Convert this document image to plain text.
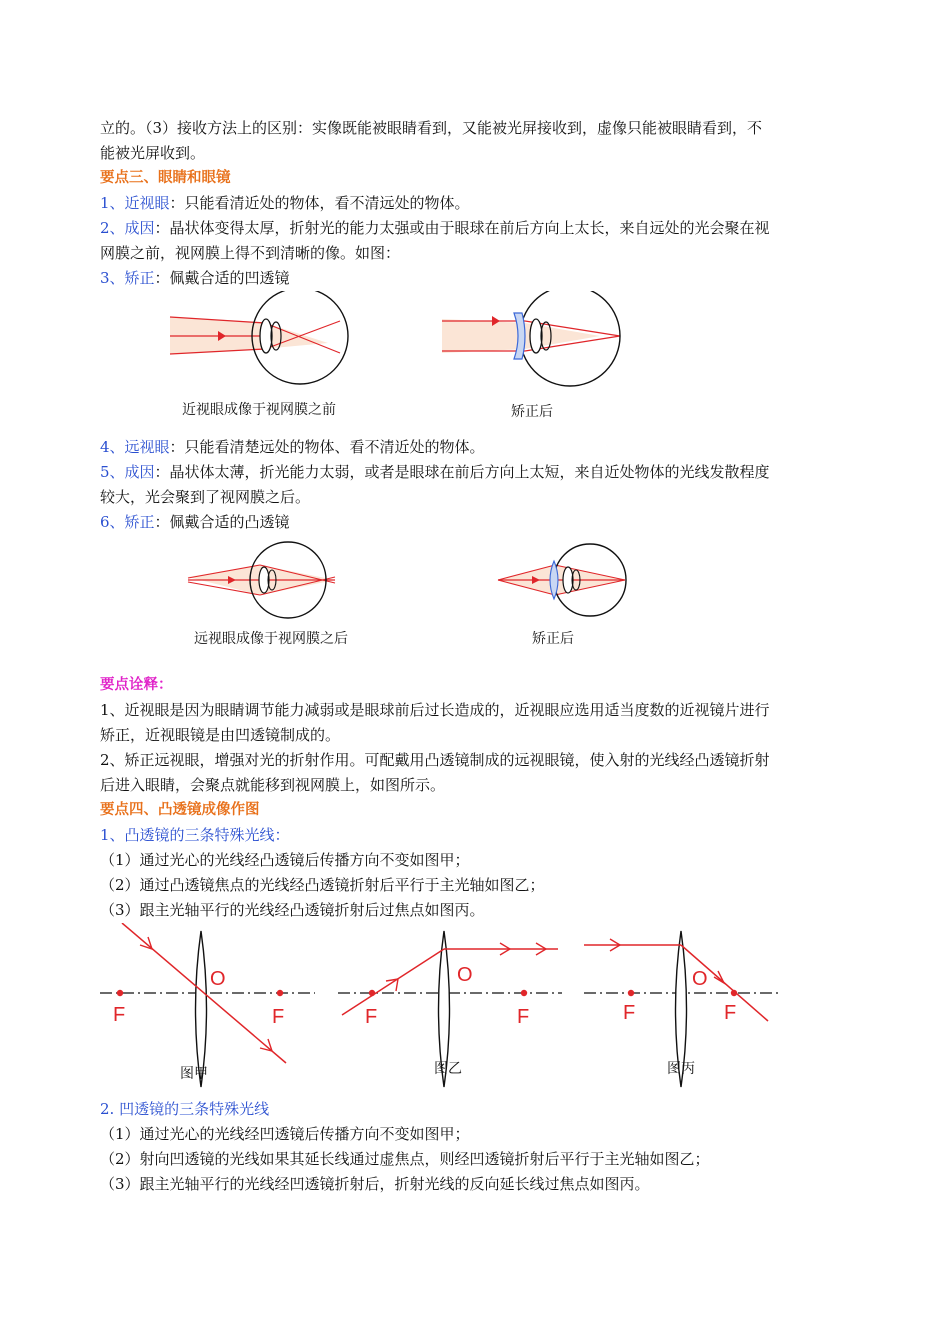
立的。（3）接收方法上的区别：实像既能被眼睛看到，又能被光屏接收到，虚像只能被眼睛看到，不

能被光屏收到。

要点三、眼睛和眼镜

1、近视眼：只能看清近处的物体，看不清远处的物体。

2、成因：晶状体变得太厚，折射光的能力太强或由于眼球在前后方向上太长，来自远处的光会聚在视

网膜之前，视网膜上得不到清晰的像。如图：

3、矫正：佩戴合适的凹透镜

近视眼成像于视网膜之前	矫正后

4、远视眼：只能看清楚远处的物体、看不清近处的物体。

5、成因：晶状体太薄，折光能力太弱，或者是眼球在前后方向上太短，来自近处物体的光线发散程度

较大，光会聚到了视网膜之后。

6、矫正：佩戴合适的凸透镜

远视眼成像于视网膜之后	矫正后

要点诠释：

1、近视眼是因为眼睛调节能力减弱或是眼球前后过长造成的，近视眼应选用适当度数的近视镜片进行

矫正，近视眼镜是由凹透镜制成的。

2、矫正远视眼，增强对光的折射作用。可配戴用凸透镜制成的远视眼镜，使入射的光线经凸透镜折射

后进入眼睛，会聚点就能移到视网膜上，如图所示。

要点四、凸透镜成像作图

1、凸透镜的三条特殊光线：

（1）通过光心的光线经凸透镜后传播方向不变如图甲；

（2）通过凸透镜焦点的光线经凸透镜折射后平行于主光轴如图乙；

（3）跟主光轴平行的光线经凸透镜折射后过焦点如图丙。

F	F
O
图甲
F	F
O
图乙
F	F
O
图丙

2. 凹透镜的三条特殊光线

（1）通过光心的光线经凹透镜后传播方向不变如图甲；

（2）射向凹透镜的光线如果其延长线通过虚焦点，则经凹透镜折射后平行于主光轴如图乙；

（3）跟主光轴平行的光线经凹透镜折射后，折射光线的反向延长线过焦点如图丙。
